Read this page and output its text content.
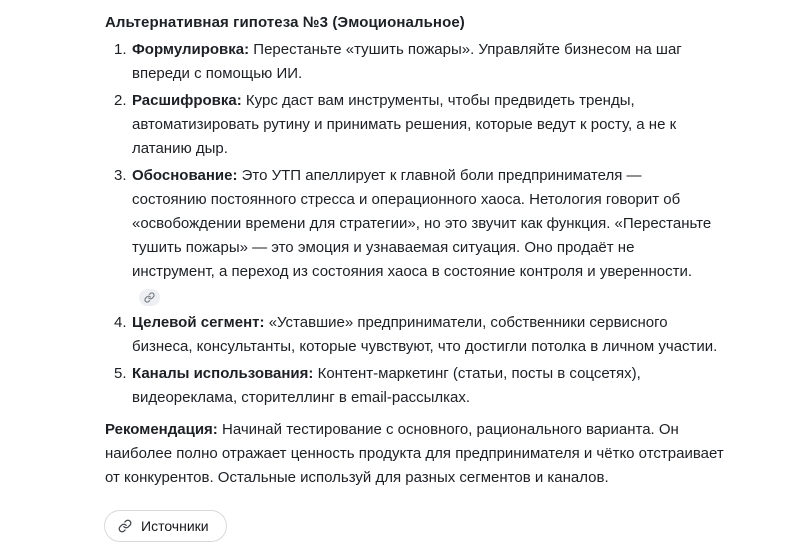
Альтернативная гипотеза №3 (Эмоциональное)
1. Формулировка: Перестаньте «тушить пожары». Управляйте бизнесом на шаг впереди с помощью ИИ.
2. Расшифровка: Курс даст вам инструменты, чтобы предвидеть тренды, автоматизировать рутину и принимать решения, которые ведут к росту, а не к латанию дыр.
3. Обоснование: Это УТП апеллирует к главной боли предпринимателя — состоянию постоянного стресса и операционного хаоса. Нетология говорит об «освобождении времени для стратегии», но это звучит как функция. «Перестаньте тушить пожары» — это эмоция и узнаваемая ситуация. Оно продаёт не инструмент, а переход из состояния хаоса в состояние контроля и уверенности.
4. Целевой сегмент: «Уставшие» предприниматели, собственники сервисного бизнеса, консультанты, которые чувствуют, что достигли потолка в личном участии.
5. Каналы использования: Контент-маркетинг (статьи, посты в соцсетях), видеореклама, сторителлинг в email-рассылках.

Рекомендация: Начинай тестирование с основного, рационального варианта. Он наиболее полно отражает ценность продукта для предпринимателя и чётко отстраивает от конкурентов. Остальные используй для разных сегментов и каналов.

Источники
